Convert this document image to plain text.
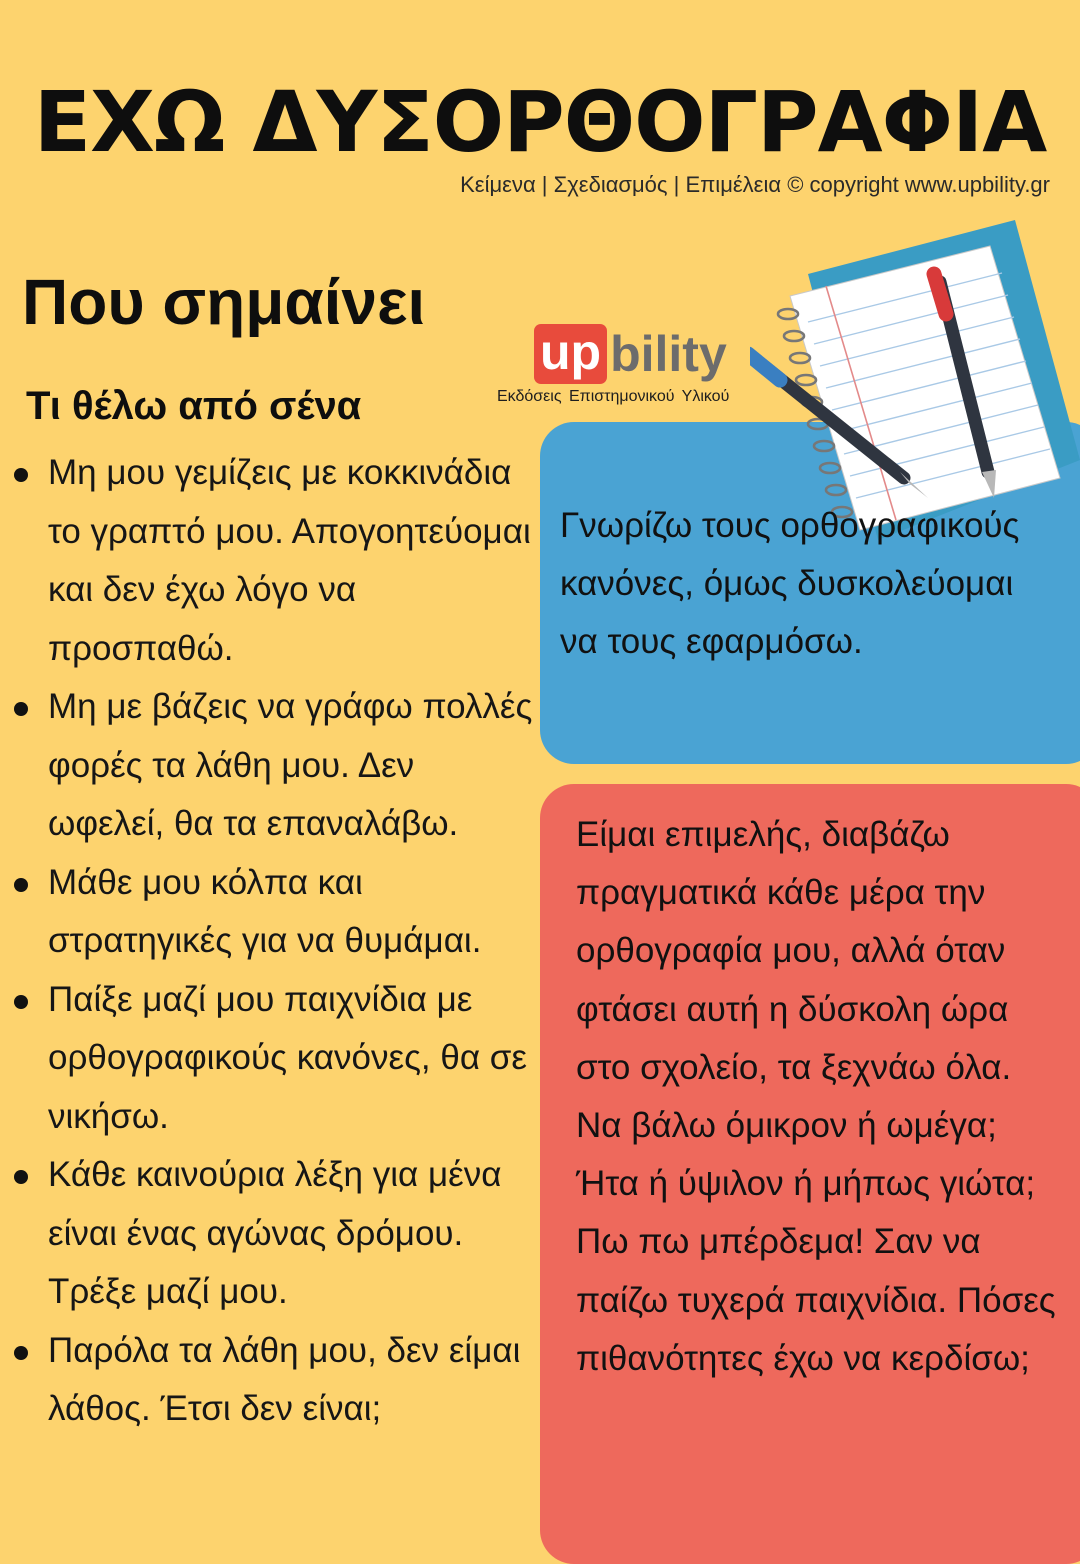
ΕΧΩ ΔΥΣΟΡΘΟΓΡΑΦΙΑ
Κείμενα | Σχεδιασμός | Επιμέλεια © copyright www.upbility.gr
Που σημαίνει
Τι θέλω από σένα
up bility
Εκδόσεις Επιστημονικού Υλικού
Μη μου γεμίζεις με κοκκινάδια το γραπτό μου. Απογοητεύομαι και δεν έχω λόγο να προσπαθώ.
Μη με βάζεις να γράφω πολλές φορές τα λάθη μου. Δεν ωφελεί, θα τα επαναλάβω.
Μάθε μου κόλπα και στρατηγικές για να θυμάμαι.
Παίξε μαζί μου παιχνίδια με ορθογραφικούς κανόνες, θα σε νικήσω.
Κάθε καινούρια λέξη για μένα είναι ένας αγώνας δρόμου. Τρέξε μαζί μου.
Παρόλα τα λάθη μου, δεν είμαι λάθος. Έτσι δεν είναι;
Γνωρίζω τους ορθογραφικούς κανόνες, όμως δυσκολεύομαι να τους εφαρμόσω.
Είμαι επιμελής, διαβάζω πραγματικά κάθε μέρα την ορθογραφία μου, αλλά όταν φτάσει αυτή η δύσκολη ώρα στο σχολείο, τα ξεχνάω όλα. Να βάλω όμικρον ή ωμέγα; Ήτα ή ύψιλον ή μήπως γιώτα; Πω πω μπέρδεμα! Σαν να παίζω τυχερά παιχνίδια. Πόσες πιθανότητες έχω να κερδίσω;
